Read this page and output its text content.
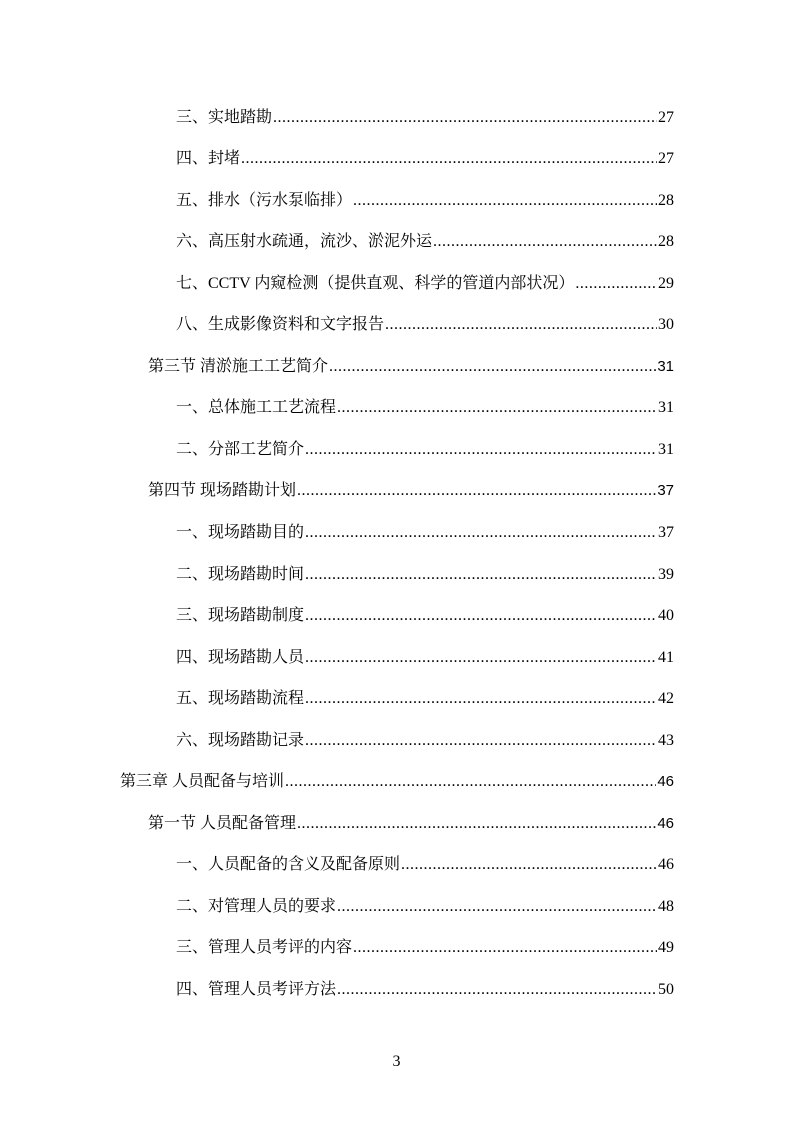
三、实地踏勘 .....	27
四、封堵 .....	27
五、排水（污水泵临排） .....	28
六、高压射水疏通，流沙、淤泥外运 .....	28
七、CCTV 内窥检测（提供直观、科学的管道内部状况） .....	29
八、生成影像资料和文字报告 .....	30
第三节 清淤施工工艺简介 .....	31
一、总体施工工艺流程 .....	31
二、分部工艺简介 .....	31
第四节 现场踏勘计划 .....	37
一、现场踏勘目的 .....	37
二、现场踏勘时间 .....	39
三、现场踏勘制度 .....	40
四、现场踏勘人员 .....	41
五、现场踏勘流程 .....	42
六、现场踏勘记录 .....	43
第三章 人员配备与培训 .....	46
第一节 人员配备管理 .....	46
一、人员配备的含义及配备原则 .....	46
二、对管理人员的要求 .....	48
三、管理人员考评的内容 .....	49
四、管理人员考评方法 .....	50
3
